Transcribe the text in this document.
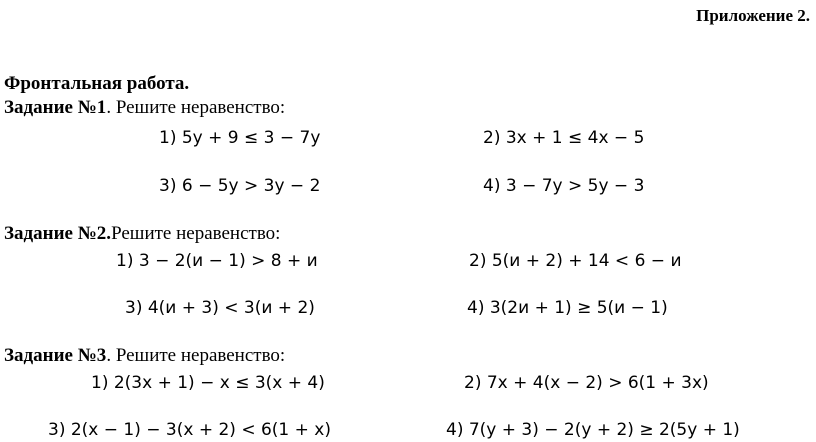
Приложение 2.
Фронтальная работа.
Задание №1. Решите неравенство:
1) 5y + 9 ≤ 3 − 7y	2) 3x + 1 ≤ 4x − 5
3) 6 − 5y > 3y − 2	4) 3 − 7y > 5y − 3
Задание №2.Решите неравенство:
1) 3 − 2(и − 1) > 8 + и	2) 5(и + 2) + 14 < 6 − и
3) 4(и + 3) < 3(и + 2)	4) 3(2и + 1) ≥ 5(и − 1)
Задание №3. Решите неравенство:
1) 2(3x + 1) − x ≤ 3(x + 4)	2) 7x + 4(x − 2) > 6(1 + 3x)
3) 2(x − 1) − 3(x + 2) < 6(1 + x)	4) 7(y + 3) − 2(y + 2) ≥ 2(5y + 1)
